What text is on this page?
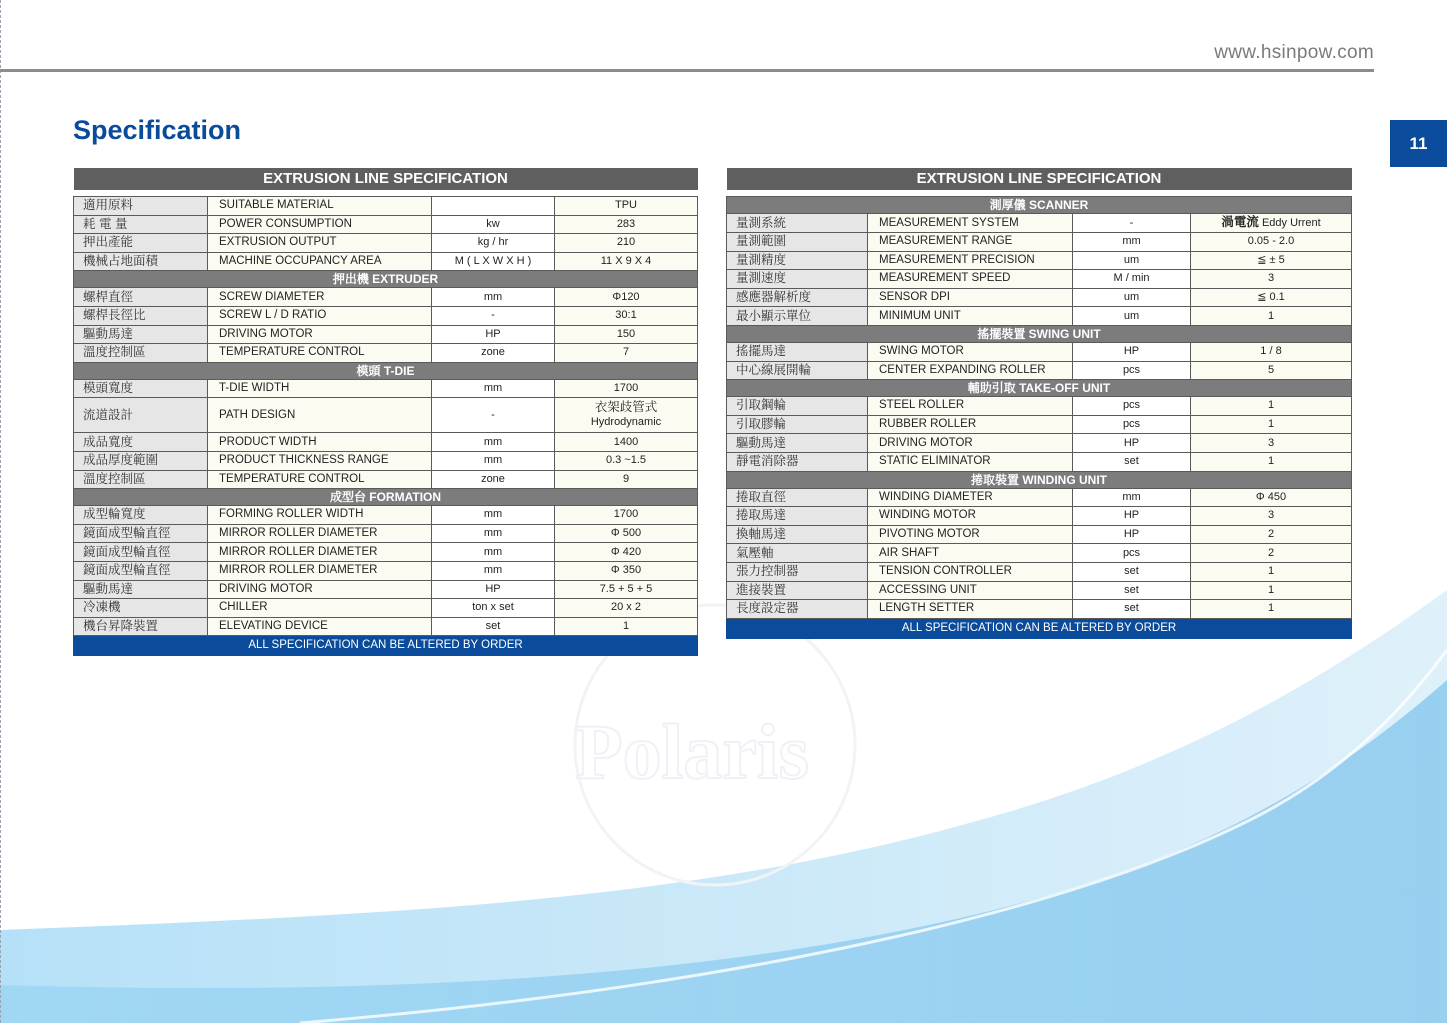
www.hsinpow.com
11
Specification
Polaris
EXTRUSION LINE SPECIFICATION			

適用原料	SUITABLE MATERIAL		TPU
耗 電 量	POWER CONSUMPTION	kw	283
押出產能	EXTRUSION OUTPUT	kg / hr	210
機械占地面積	MACHINE OCCUPANCY AREA	M ( L X W X H )	11 X 9 X 4
押出機 EXTRUDER			
螺桿直徑	SCREW DIAMETER	mm	Φ120
螺桿長徑比	SCREW L / D RATIO	-	30:1
驅動馬達	DRIVING MOTOR	HP	150
溫度控制區	TEMPERATURE CONTROL	zone	7
模頭 T-DIE			
模頭寬度	T-DIE WIDTH	mm	1700
流道設計	PATH DESIGN	-	衣架歧管式
Hydrodynamic

成品寬度	PRODUCT WIDTH	mm	1400
成品厚度範圍	PRODUCT THICKNESS RANGE	mm	0.3 ~1.5
溫度控制區	TEMPERATURE CONTROL	zone	9
成型台 FORMATION			
成型輪寬度	FORMING ROLLER WIDTH	mm	1700
鏡面成型輪直徑	MIRROR ROLLER DIAMETER	mm	Φ 500
鏡面成型輪直徑	MIRROR ROLLER DIAMETER	mm	Φ 420
鏡面成型輪直徑	MIRROR ROLLER DIAMETER	mm	Φ 350
驅動馬達	DRIVING MOTOR	HP	7.5 + 5 + 5
冷凍機	CHILLER	ton x set	20 x 2
機台昇降裝置	ELEVATING DEVICE	set	1
ALL SPECIFICATION CAN BE ALTERED BY ORDER			
EXTRUSION LINE SPECIFICATION			

測厚儀 SCANNER			
量測系統	MEASUREMENT SYSTEM	-	渦電流 Eddy Urrent
量測範圍	MEASUREMENT RANGE	mm	0.05 - 2.0
量測精度	MEASUREMENT PRECISION	um	≦ ± 5
量測速度	MEASUREMENT SPEED	M / min	3
感應器解析度	SENSOR DPI	um	≦ 0.1
最小顯示單位	MINIMUM UNIT	um	1
搖擺裝置 SWING UNIT			
搖擺馬達	SWING MOTOR	HP	1 / 8
中心線展開輪	CENTER EXPANDING ROLLER	pcs	5
輔助引取 TAKE-OFF UNIT			
引取鋼輪	STEEL ROLLER	pcs	1
引取膠輪	RUBBER ROLLER	pcs	1
驅動馬達	DRIVING MOTOR	HP	3
靜電消除器	STATIC ELIMINATOR	set	1
捲取裝置 WINDING UNIT			
捲取直徑	WINDING DIAMETER	mm	Φ 450
捲取馬達	WINDING MOTOR	HP	3
換軸馬達	PIVOTING MOTOR	HP	2
氣壓軸	AIR SHAFT	pcs	2
張力控制器	TENSION CONTROLLER	set	1
進接裝置	ACCESSING UNIT	set	1
長度設定器	LENGTH SETTER	set	1
ALL SPECIFICATION CAN BE ALTERED BY ORDER			
